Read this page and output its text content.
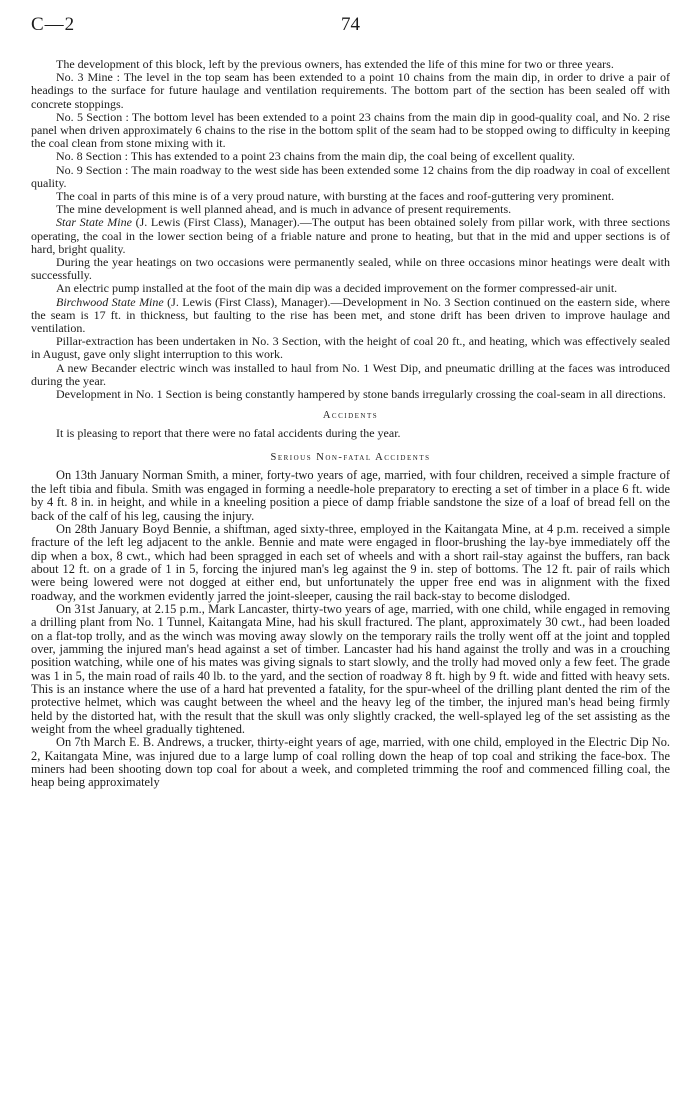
C—2	74

The development of this block, left by the previous owners, has extended the life of this mine for two or three years.

No. 3 Mine : The level in the top seam has been extended to a point 10 chains from the main dip, in order to drive a pair of headings to the surface for future haulage and ventilation requirements. The bottom part of the section has been sealed off with concrete stoppings.

No. 5 Section : The bottom level has been extended to a point 23 chains from the main dip in good-quality coal, and No. 2 rise panel when driven approximately 6 chains to the rise in the bottom split of the seam had to be stopped owing to difficulty in keeping the coal clean from stone mixing with it.

No. 8 Section : This has extended to a point 23 chains from the main dip, the coal being of excellent quality.

No. 9 Section : The main roadway to the west side has been extended some 12 chains from the dip roadway in coal of excellent quality.

The coal in parts of this mine is of a very proud nature, with bursting at the faces and roof-guttering very prominent.

The mine development is well planned ahead, and is much in advance of present requirements.

Star State Mine (J. Lewis (First Class), Manager).—The output has been obtained solely from pillar work, with three sections operating, the coal in the lower section being of a friable nature and prone to heating, but that in the mid and upper sections is of hard, bright quality.

During the year heatings on two occasions were permanently sealed, while on three occasions minor heatings were dealt with successfully.

An electric pump installed at the foot of the main dip was a decided improvement on the former compressed-air unit.

Birchwood State Mine (J. Lewis (First Class), Manager).—Development in No. 3 Section continued on the eastern side, where the seam is 17 ft. in thickness, but faulting to the rise has been met, and stone drift has been driven to improve haulage and ventilation.

Pillar-extraction has been undertaken in No. 3 Section, with the height of coal 20 ft., and heating, which was effectively sealed in August, gave only slight interruption to this work.

A new Becander electric winch was installed to haul from No. 1 West Dip, and pneumatic drilling at the faces was introduced during the year.

Development in No. 1 Section is being constantly hampered by stone bands irregularly crossing the coal-seam in all directions.

Accidents

It is pleasing to report that there were no fatal accidents during the year.

Serious Non-fatal Accidents

On 13th January Norman Smith, a miner, forty-two years of age, married, with four children, received a simple fracture of the left tibia and fibula. Smith was engaged in forming a needle-hole preparatory to erecting a set of timber in a place 6 ft. wide by 4 ft. 8 in. in height, and while in a kneeling position a piece of damp friable sandstone the size of a loaf of bread fell on the back of the calf of his leg, causing the injury.

On 28th January Boyd Bennie, a shiftman, aged sixty-three, employed in the Kaitangata Mine, at 4 p.m. received a simple fracture of the left leg adjacent to the ankle. Bennie and mate were engaged in floor-brushing the lay-bye immediately off the dip when a box, 8 cwt., which had been spragged in each set of wheels and with a short rail-stay against the buffers, ran back about 12 ft. on a grade of 1 in 5, forcing the injured man's leg against the 9 in. step of bottoms. The 12 ft. pair of rails which were being lowered were not dogged at either end, but unfortunately the upper free end was in alignment with the fixed roadway, and the workmen evidently jarred the joint-sleeper, causing the rail back-stay to become dislodged.

On 31st January, at 2.15 p.m., Mark Lancaster, thirty-two years of age, married, with one child, while engaged in removing a drilling plant from No. 1 Tunnel, Kaitangata Mine, had his skull fractured. The plant, approximately 30 cwt., had been loaded on a flat-top trolly, and as the winch was moving away slowly on the temporary rails the trolly went off at the joint and toppled over, jamming the injured man's head against a set of timber. Lancaster had his hand against the trolly and was in a crouching position watching, while one of his mates was giving signals to start slowly, and the trolly had moved only a few feet. The grade was 1 in 5, the main road of rails 40 lb. to the yard, and the section of roadway 8 ft. high by 9 ft. wide and fitted with heavy sets. This is an instance where the use of a hard hat prevented a fatality, for the spur-wheel of the drilling plant dented the rim of the protective helmet, which was caught between the wheel and the heavy leg of the timber, the injured man's head being firmly held by the distorted hat, with the result that the skull was only slightly cracked, the well-splayed leg of the set assisting as the weight from the wheel gradually tightened.

On 7th March E. B. Andrews, a trucker, thirty-eight years of age, married, with one child, employed in the Electric Dip No. 2, Kaitangata Mine, was injured due to a large lump of coal rolling down the heap of top coal and striking the face-box. The miners had been shooting down top coal for about a week, and completed trimming the roof and commenced filling coal, the heap being approximately
